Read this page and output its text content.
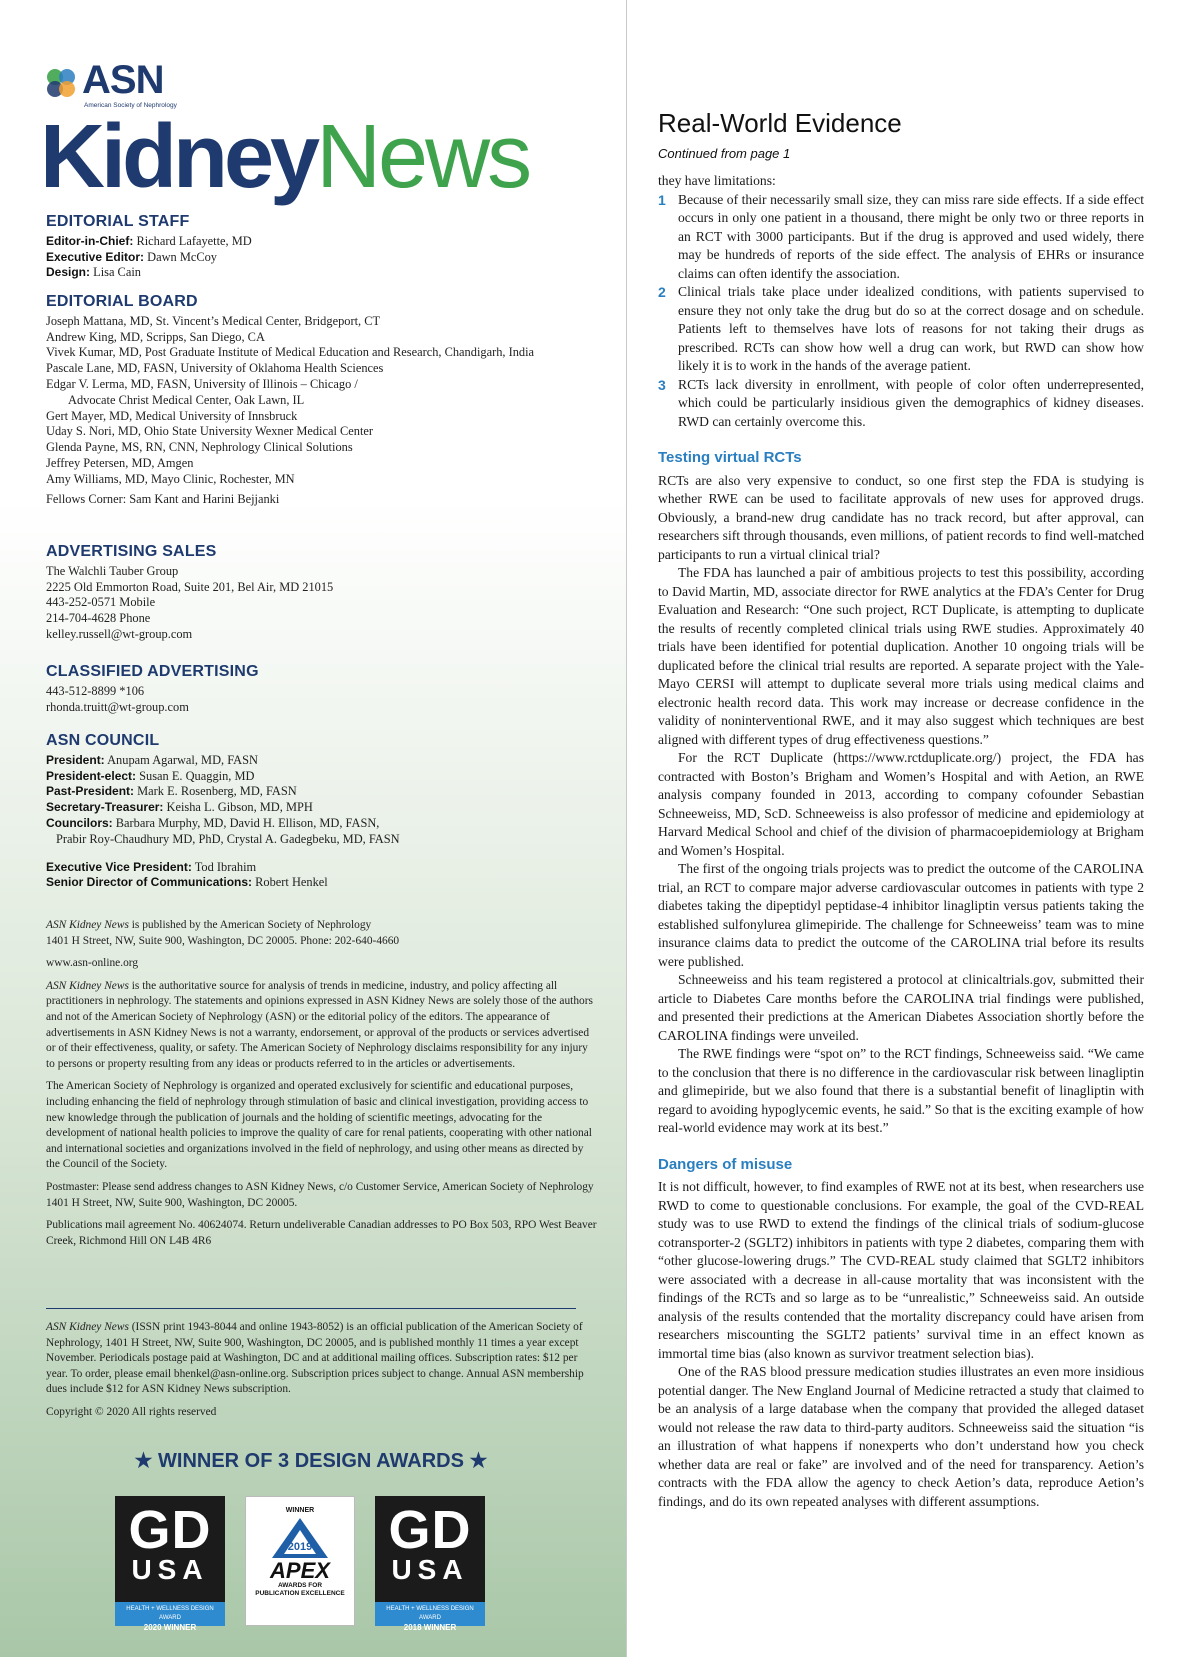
ASN
American Society of Nephrology
KidneyNews
EDITORIAL STAFF
Editor-in-Chief: Richard Lafayette, MD
Executive Editor: Dawn McCoy
Design: Lisa Cain
EDITORIAL BOARD
Joseph Mattana, MD, St. Vincent’s Medical Center, Bridgeport, CT
Andrew King, MD, Scripps, San Diego, CA
Vivek Kumar, MD, Post Graduate Institute of Medical Education and Research, Chandigarh, India
Pascale Lane, MD, FASN, University of Oklahoma Health Sciences
Edgar V. Lerma, MD, FASN, University of Illinois – Chicago /
Advocate Christ Medical Center, Oak Lawn, IL
Gert Mayer, MD, Medical University of Innsbruck
Uday S. Nori, MD, Ohio State University Wexner Medical Center
Glenda Payne, MS, RN, CNN, Nephrology Clinical Solutions
Jeffrey Petersen, MD, Amgen
Amy Williams, MD, Mayo Clinic, Rochester, MN
Fellows Corner: Sam Kant and Harini Bejjanki
ADVERTISING SALES
The Walchli Tauber Group
2225 Old Emmorton Road, Suite 201, Bel Air, MD 21015
443-252-0571 Mobile
214-704-4628 Phone
kelley.russell@wt-group.com
CLASSIFIED ADVERTISING
443-512-8899 *106
rhonda.truitt@wt-group.com
ASN COUNCIL
President: Anupam Agarwal, MD, FASN
President-elect: Susan E. Quaggin, MD
Past-President: Mark E. Rosenberg, MD, FASN
Secretary-Treasurer: Keisha L. Gibson, MD, MPH
Councilors: Barbara Murphy, MD, David H. Ellison, MD, FASN,
Prabir Roy-Chaudhury MD, PhD, Crystal A. Gadegbeku, MD, FASN
Executive Vice President: Tod Ibrahim
Senior Director of Communications: Robert Henkel
ASN Kidney News is published by the American Society of Nephrology
1401 H Street, NW, Suite 900, Washington, DC 20005. Phone: 202-640-4660
www.asn-online.org
ASN Kidney News is the authoritative source for analysis of trends in medicine, industry, and policy affecting all practitioners in nephrology. The statements and opinions expressed in ASN Kidney News are solely those of the authors and not of the American Society of Nephrology (ASN) or the editorial policy of the editors. The appearance of advertisements in ASN Kidney News is not a warranty, endorsement, or approval of the products or services advertised or of their effectiveness, quality, or safety. The American Society of Nephrology disclaims responsibility for any injury to persons or property resulting from any ideas or products referred to in the articles or advertisements.
The American Society of Nephrology is organized and operated exclusively for scientific and educational purposes, including enhancing the field of nephrology through stimulation of basic and clinical investigation, providing access to new knowledge through the publication of journals and the holding of scientific meetings, advocating for the development of national health policies to improve the quality of care for renal patients, cooperating with other national and international societies and organizations involved in the field of nephrology, and using other means as directed by the Council of the Society.
Postmaster: Please send address changes to ASN Kidney News, c/o Customer Service, American Society of Nephrology 1401 H Street, NW, Suite 900, Washington, DC 20005.
Publications mail agreement No. 40624074. Return undeliverable Canadian addresses to PO Box 503, RPO West Beaver Creek, Richmond Hill ON L4B 4R6
ASN Kidney News (ISSN print 1943-8044 and online 1943-8052) is an official publication of the American Society of Nephrology, 1401 H Street, NW, Suite 900, Washington, DC 20005, and is published monthly 11 times a year except November. Periodicals postage paid at Washington, DC and at additional mailing offices. Subscription rates: $12 per year. To order, please email bhenkel@asn-online.org. Subscription prices subject to change. Annual ASN membership dues include $12 for ASN Kidney News subscription.
Copyright © 2020 All rights reserved
★ WINNER OF 3 DESIGN AWARDS ★
GD
USA
HEALTH + WELLNESS DESIGN AWARD
2020 WINNER
WINNER
2019
APEX
AWARDS FOR
PUBLICATION EXCELLENCE
GD
USA
HEALTH + WELLNESS DESIGN AWARD
2018 WINNER
Real-World Evidence
Continued from page 1

they have limitations:

1 Because of their necessarily small size, they can miss rare side effects. If a side effect occurs in only one patient in a thousand, there might be only two or three reports in an RCT with 3000 participants. But if the drug is approved and used widely, there may be hundreds of reports of the side effect. The analysis of EHRs or insurance claims can often identify the association.
2 Clinical trials take place under idealized conditions, with patients supervised to ensure they not only take the drug but do so at the correct dosage and on schedule. Patients left to themselves have lots of reasons for not taking their drugs as prescribed. RCTs can show how well a drug can work, but RWD can show how likely it is to work in the hands of the average patient.
3 RCTs lack diversity in enrollment, with people of color often underrepresented, which could be particularly insidious given the demographics of kidney diseases. RWD can certainly overcome this.
Testing virtual RCTs

RCTs are also very expensive to conduct, so one first step the FDA is studying is whether RWE can be used to facilitate approvals of new uses for approved drugs. Obviously, a brand-new drug candidate has no track record, but after approval, can researchers sift through thousands, even millions, of patient records to find well-matched participants to run a virtual clinical trial?

The FDA has launched a pair of ambitious projects to test this possibility, according to David Martin, MD, associate director for RWE analytics at the FDA’s Center for Drug Evaluation and Research: “One such project, RCT Duplicate, is attempting to duplicate the results of recently completed clinical trials using RWE studies. Approximately 40 trials have been identified for potential duplication. Another 10 ongoing trials will be duplicated before the clinical trial results are reported. A separate project with the Yale-Mayo CERSI will attempt to duplicate several more trials using medical claims and electronic health record data. This work may increase or decrease confidence in the validity of noninterventional RWE, and it may also suggest which techniques are best aligned with different types of drug effectiveness questions.”

For the RCT Duplicate (https://www.rctduplicate.org/) project, the FDA has contracted with Boston’s Brigham and Women’s Hospital and with Aetion, an RWE analysis company founded in 2013, according to company cofounder Sebastian Schneeweiss, MD, ScD. Schneeweiss is also professor of medicine and epidemiology at Harvard Medical School and chief of the division of pharmacoepidemiology at Brigham and Women’s Hospital.

The first of the ongoing trials projects was to predict the outcome of the CAROLINA trial, an RCT to compare major adverse cardiovascular outcomes in patients with type 2 diabetes taking the dipeptidyl peptidase-4 inhibitor linagliptin versus patients taking the established sulfonylurea glimepiride. The challenge for Schneeweiss’ team was to mine insurance claims data to predict the outcome of the CAROLINA trial before its results were published.

Schneeweiss and his team registered a protocol at clinicaltrials.gov, submitted their article to Diabetes Care months before the CAROLINA trial findings were published, and presented their predictions at the American Diabetes Association shortly before the CAROLINA findings were unveiled.

The RWE findings were “spot on” to the RCT findings, Schneeweiss said. “We came to the conclusion that there is no difference in the cardiovascular risk between linagliptin and glimepiride, but we also found that there is a substantial benefit of linagliptin with regard to avoiding hypoglycemic events, he said.” So that is the exciting example of how real-world evidence may work at its best.”

Dangers of misuse

It is not difficult, however, to find examples of RWE not at its best, when researchers use RWD to come to questionable conclusions. For example, the goal of the CVD-REAL study was to use RWD to extend the findings of the clinical trials of sodium-glucose cotransporter-2 (SGLT2) inhibitors in patients with type 2 diabetes, comparing them with “other glucose-lowering drugs.” The CVD-REAL study claimed that SGLT2 inhibitors were associated with a decrease in all-cause mortality that was inconsistent with the findings of the RCTs and so large as to be “unrealistic,” Schneeweiss said. An outside analysis of the results contended that the mortality discrepancy could have arisen from researchers miscounting the SGLT2 patients’ survival time in an effect known as immortal time bias (also known as survivor treatment selection bias).

One of the RAS blood pressure medication studies illustrates an even more insidious potential danger. The New England Journal of Medicine retracted a study that claimed to be an analysis of a large database when the company that provided the alleged dataset would not release the raw data to third-party auditors. Schneeweiss said the situation “is an illustration of what happens if nonexperts who don’t understand how you check whether data are real or fake” are involved and of the need for transparency. Aetion’s contracts with the FDA allow the agency to check Aetion’s data, reproduce Aetion’s findings, and do its own repeated analyses with different assumptions.
